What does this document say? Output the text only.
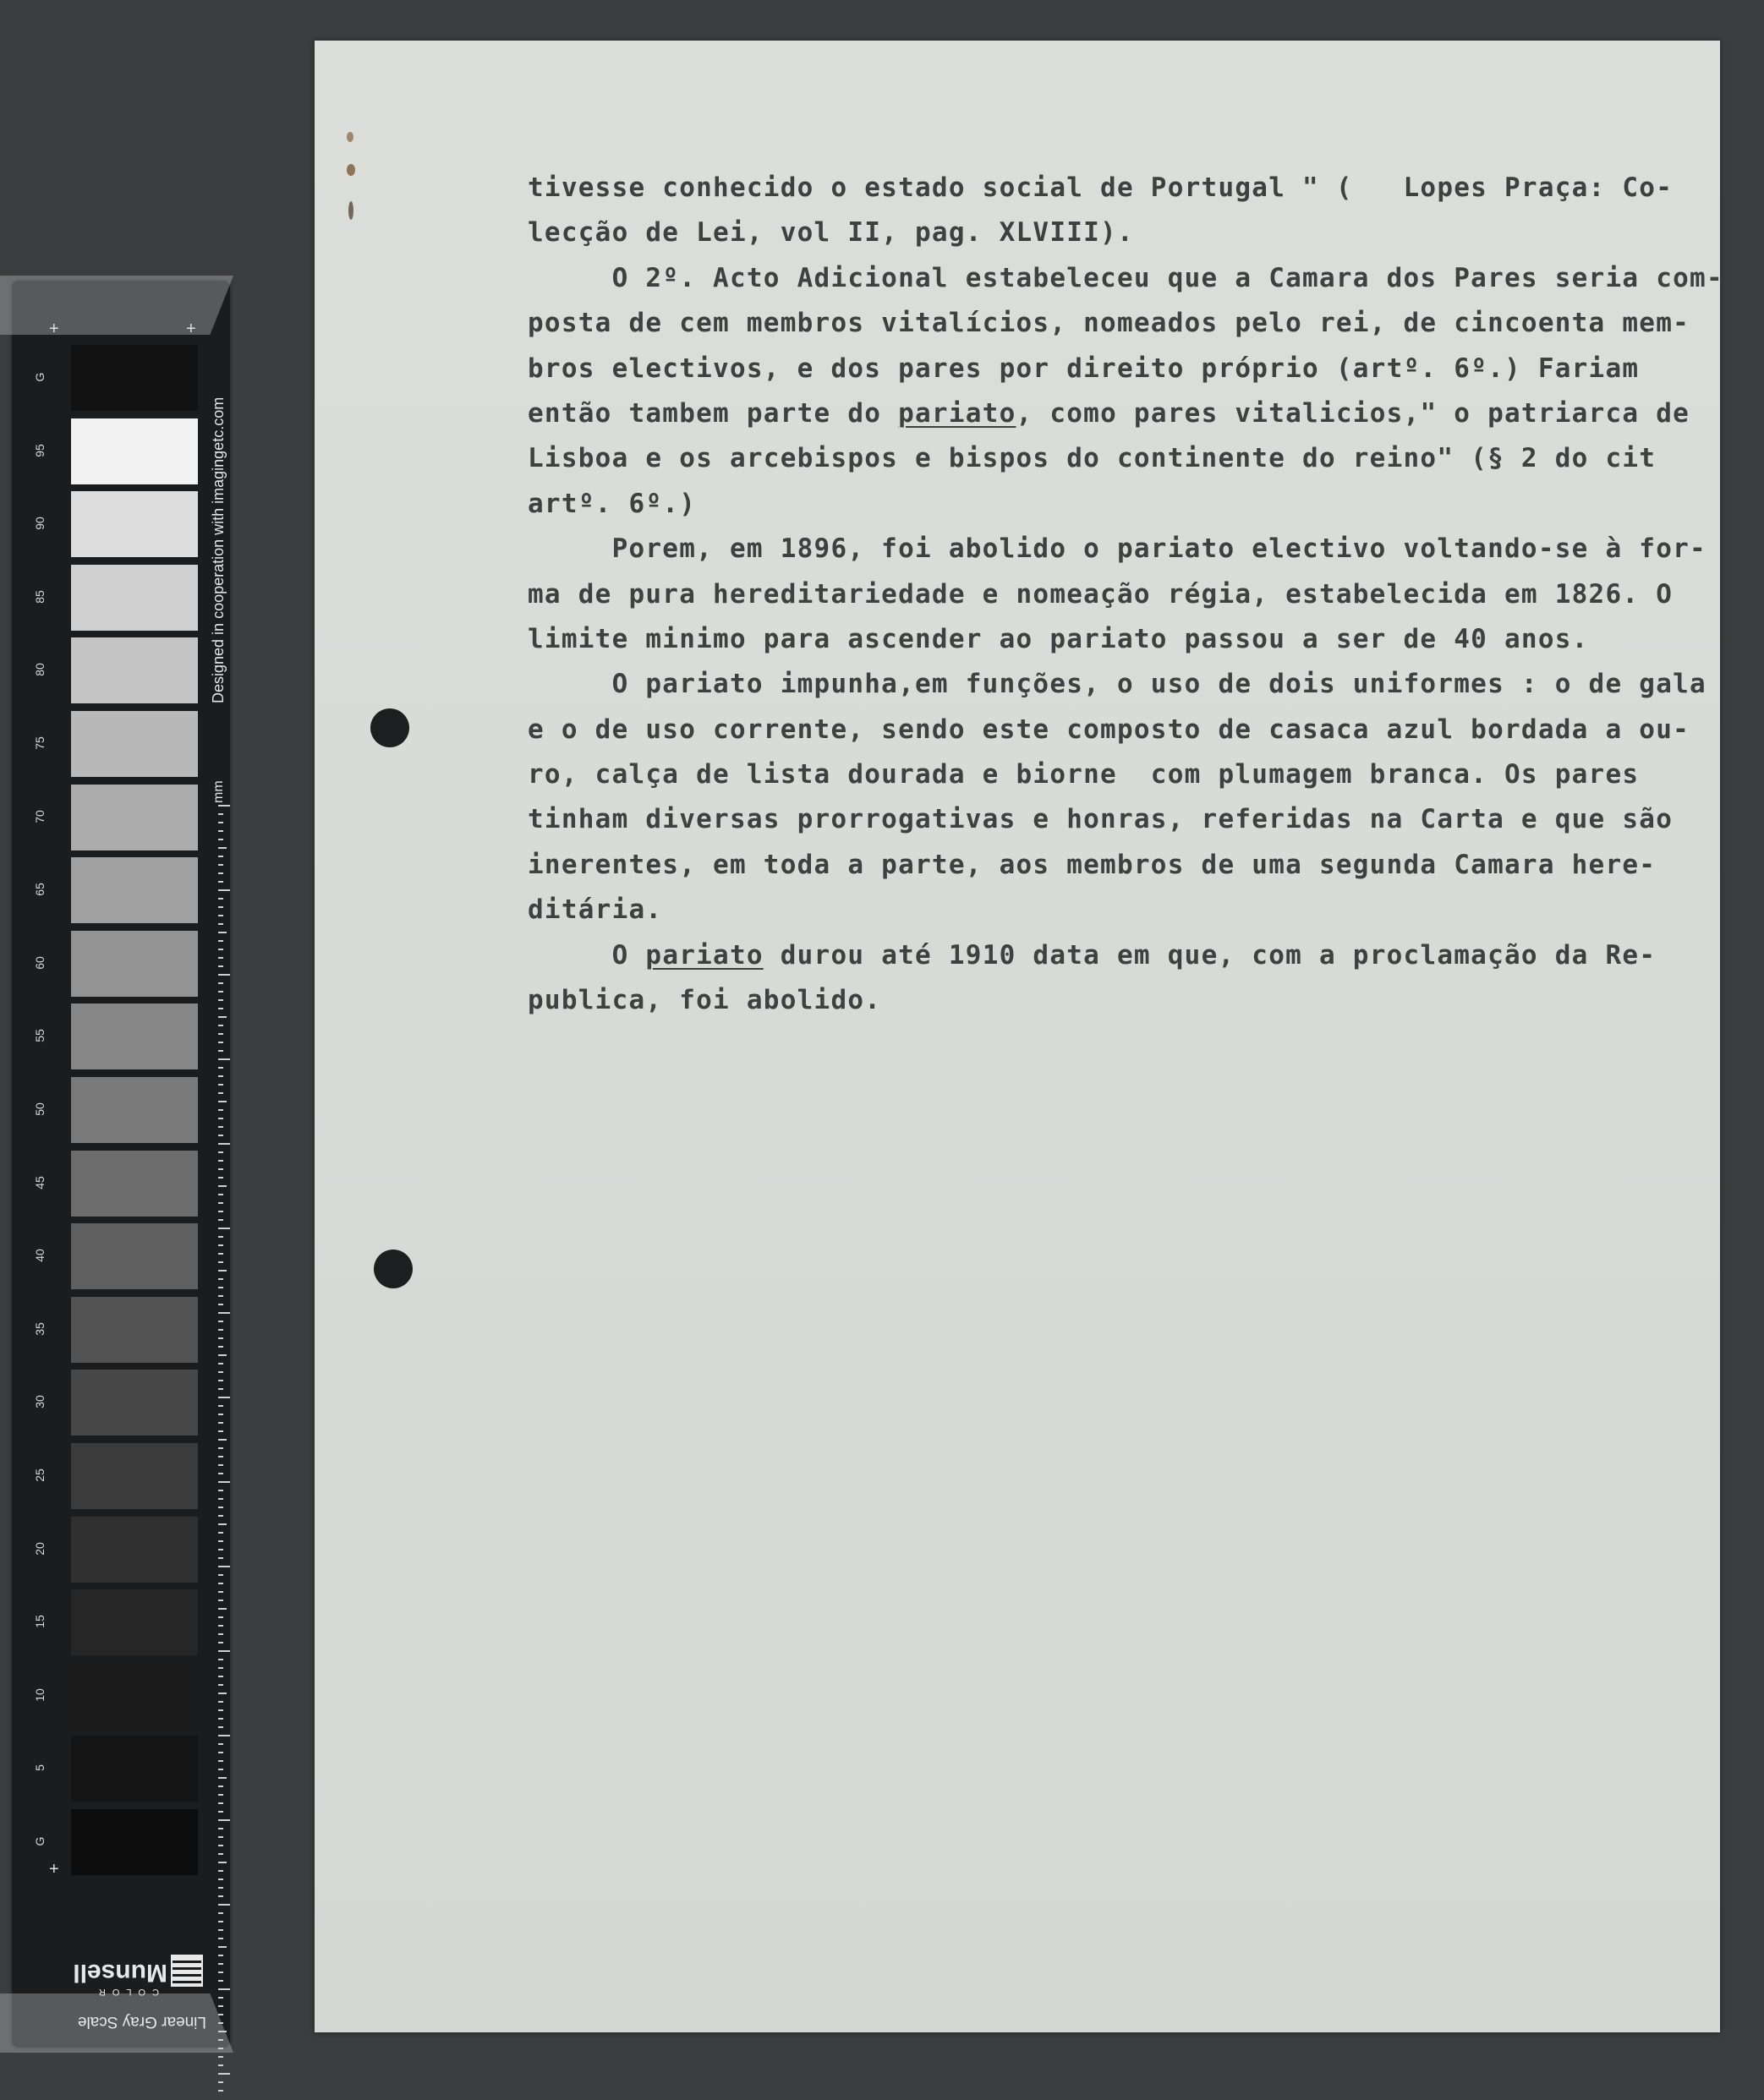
+	+
+
G
95
90
85
80
75
70
65
60
55
50
45
40
35
30
25
20
15
10
5
G
Designed in cooperation with imagingetc.com
mm
Linear Gray Scale
COLOR
Munsell
tivesse conhecido o estado social de Portugal " (   Lopes Praça: Co-
lecção de Lei, vol II, pag. XLVIII).
O 2º. Acto Adicional estabeleceu que a Camara dos Pares seria com-
posta de cem membros vitalícios, nomeados pelo rei, de cincoenta mem-
bros electivos, e dos pares por direito próprio (artº. 6º.) Fariam
então tambem parte do pariato, como pares vitalicios," o patriarca de
Lisboa e os arcebispos e bispos do continente do reino" (§ 2 do cit
artº. 6º.)
Porem, em 1896, foi abolido o pariato electivo voltando-se à for-
ma de pura hereditariedade e nomeação régia, estabelecida em 1826. O
limite minimo para ascender ao pariato passou a ser de 40 anos.
O pariato impunha,em funções, o uso de dois uniformes : o de gala
e o de uso corrente, sendo este composto de casaca azul bordada a ou-
ro, calça de lista dourada e biorne  com plumagem branca. Os pares
tinham diversas prorrogativas e honras, referidas na Carta e que são
inerentes, em toda a parte, aos membros de uma segunda Camara here-
ditária.
O pariato durou até 1910 data em que, com a proclamação da Re-
publica, foi abolido.
